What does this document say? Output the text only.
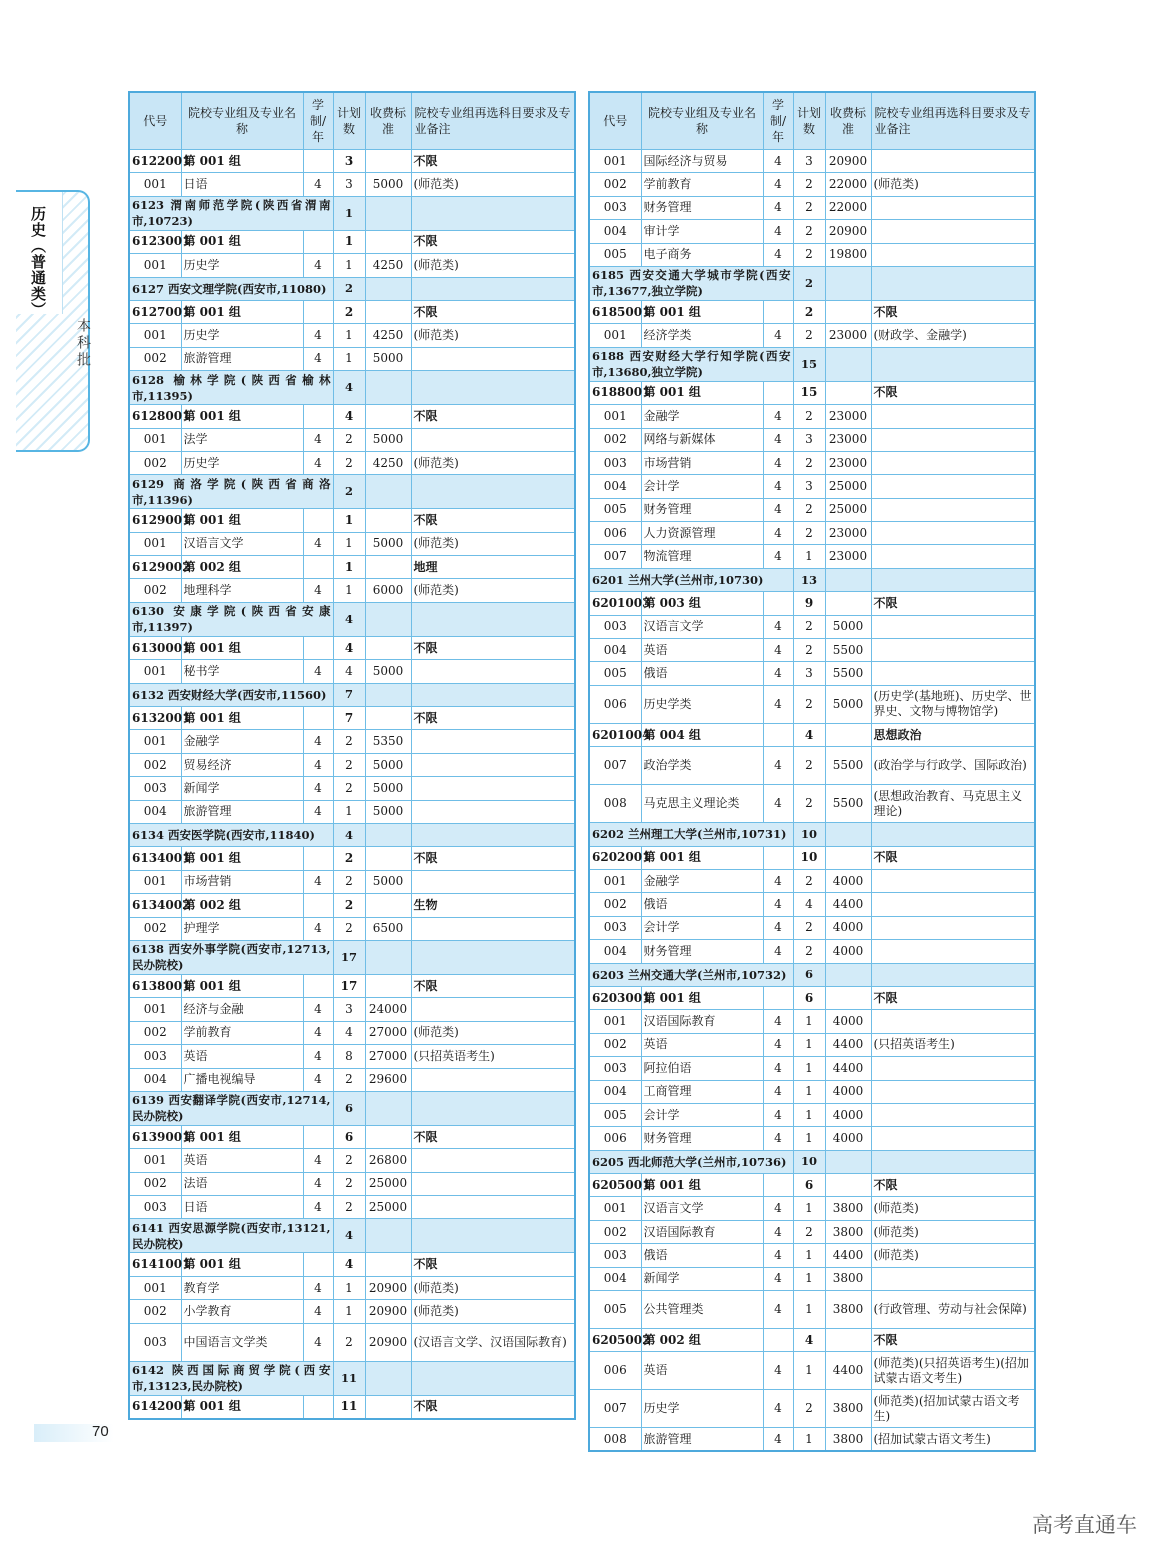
历史︵普通类︶
本科批
代号	院校专业组及专业名称	学制/年	计划数	收费标准	院校专业组再选科目要求及专业备注
6122001	第 001 组		3		不限
001	日语	4	3	5000	(师范类)
6123 渭南师范学院(陕西省渭南市,10723)			1		
6123001	第 001 组		1		不限
001	历史学	4	1	4250	(师范类)
6127 西安文理学院(西安市,11080)			2		
6127001	第 001 组		2		不限
001	历史学	4	1	4250	(师范类)
002	旅游管理	4	1	5000	
6128 榆林学院(陕西省榆林市,11395)			4		
6128001	第 001 组		4		不限
001	法学	4	2	5000	
002	历史学	4	2	4250	(师范类)
6129 商洛学院(陕西省商洛市,11396)			2		
6129001	第 001 组		1		不限
001	汉语言文学	4	1	5000	(师范类)
6129002	第 002 组		1		地理
002	地理科学	4	1	6000	(师范类)
6130 安康学院(陕西省安康市,11397)			4		
6130001	第 001 组		4		不限
001	秘书学	4	4	5000	
6132 西安财经大学(西安市,11560)			7		
6132001	第 001 组		7		不限
001	金融学	4	2	5350	
002	贸易经济	4	2	5000	
003	新闻学	4	2	5000	
004	旅游管理	4	1	5000	
6134 西安医学院(西安市,11840)			4		
6134001	第 001 组		2		不限
001	市场营销	4	2	5000	
6134002	第 002 组		2		生物
002	护理学	4	2	6500	
6138 西安外事学院(西安市,12713,民办院校)			17		
6138001	第 001 组		17		不限
001	经济与金融	4	3	24000	
002	学前教育	4	4	27000	(师范类)
003	英语	4	8	27000	(只招英语考生)
004	广播电视编导	4	2	29600	
6139 西安翻译学院(西安市,12714,民办院校)			6		
6139001	第 001 组		6		不限
001	英语	4	2	26800	
002	法语	4	2	25000	
003	日语	4	2	25000	
6141 西安思源学院(西安市,13121,民办院校)			4		
6141001	第 001 组		4		不限
001	教育学	4	1	20900	(师范类)
002	小学教育	4	1	20900	(师范类)
003	中国语言文学类	4	2	20900	(汉语言文学、汉语国际教育)
6142 陕西国际商贸学院(西安市,13123,民办院校)			11		
6142001	第 001 组		11		不限
代号	院校专业组及专业名称	学制/年	计划数	收费标准	院校专业组再选科目要求及专业备注
001	国际经济与贸易	4	3	20900	
002	学前教育	4	2	22000	(师范类)
003	财务管理	4	2	22000	
004	审计学	4	2	20900	
005	电子商务	4	2	19800	
6185 西安交通大学城市学院(西安市,13677,独立学院)			2		
6185001	第 001 组		2		不限
001	经济学类	4	2	23000	(财政学、金融学)
6188 西安财经大学行知学院(西安市,13680,独立学院)			15		
6188001	第 001 组		15		不限
001	金融学	4	2	23000	
002	网络与新媒体	4	3	23000	
003	市场营销	4	2	23000	
004	会计学	4	3	25000	
005	财务管理	4	2	25000	
006	人力资源管理	4	2	23000	
007	物流管理	4	1	23000	
6201 兰州大学(兰州市,10730)			13		
6201003	第 003 组		9		不限
003	汉语言文学	4	2	5000	
004	英语	4	2	5500	
005	俄语	4	3	5500	
006	历史学类	4	2	5000	(历史学(基地班)、历史学、世界史、文物与博物馆学)
6201004	第 004 组		4		思想政治
007	政治学类	4	2	5500	(政治学与行政学、国际政治)
008	马克思主义理论类	4	2	5500	(思想政治教育、马克思主义理论)
6202 兰州理工大学(兰州市,10731)			10		
6202001	第 001 组		10		不限
001	金融学	4	2	4000	
002	俄语	4	4	4400	
003	会计学	4	2	4000	
004	财务管理	4	2	4000	
6203 兰州交通大学(兰州市,10732)			6		
6203001	第 001 组		6		不限
001	汉语国际教育	4	1	4000	
002	英语	4	1	4400	(只招英语考生)
003	阿拉伯语	4	1	4400	
004	工商管理	4	1	4000	
005	会计学	4	1	4000	
006	财务管理	4	1	4000	
6205 西北师范大学(兰州市,10736)			10		
6205001	第 001 组		6		不限
001	汉语言文学	4	1	3800	(师范类)
002	汉语国际教育	4	2	3800	(师范类)
003	俄语	4	1	4400	(师范类)
004	新闻学	4	1	3800	
005	公共管理类	4	1	3800	(行政管理、劳动与社会保障)
6205002	第 002 组		4		不限
006	英语	4	1	4400	(师范类)(只招英语考生)(招加试蒙古语文考生)
007	历史学	4	2	3800	(师范类)(招加试蒙古语文考生)
008	旅游管理	4	1	3800	(招加试蒙古语文考生)
70
高考直通车
